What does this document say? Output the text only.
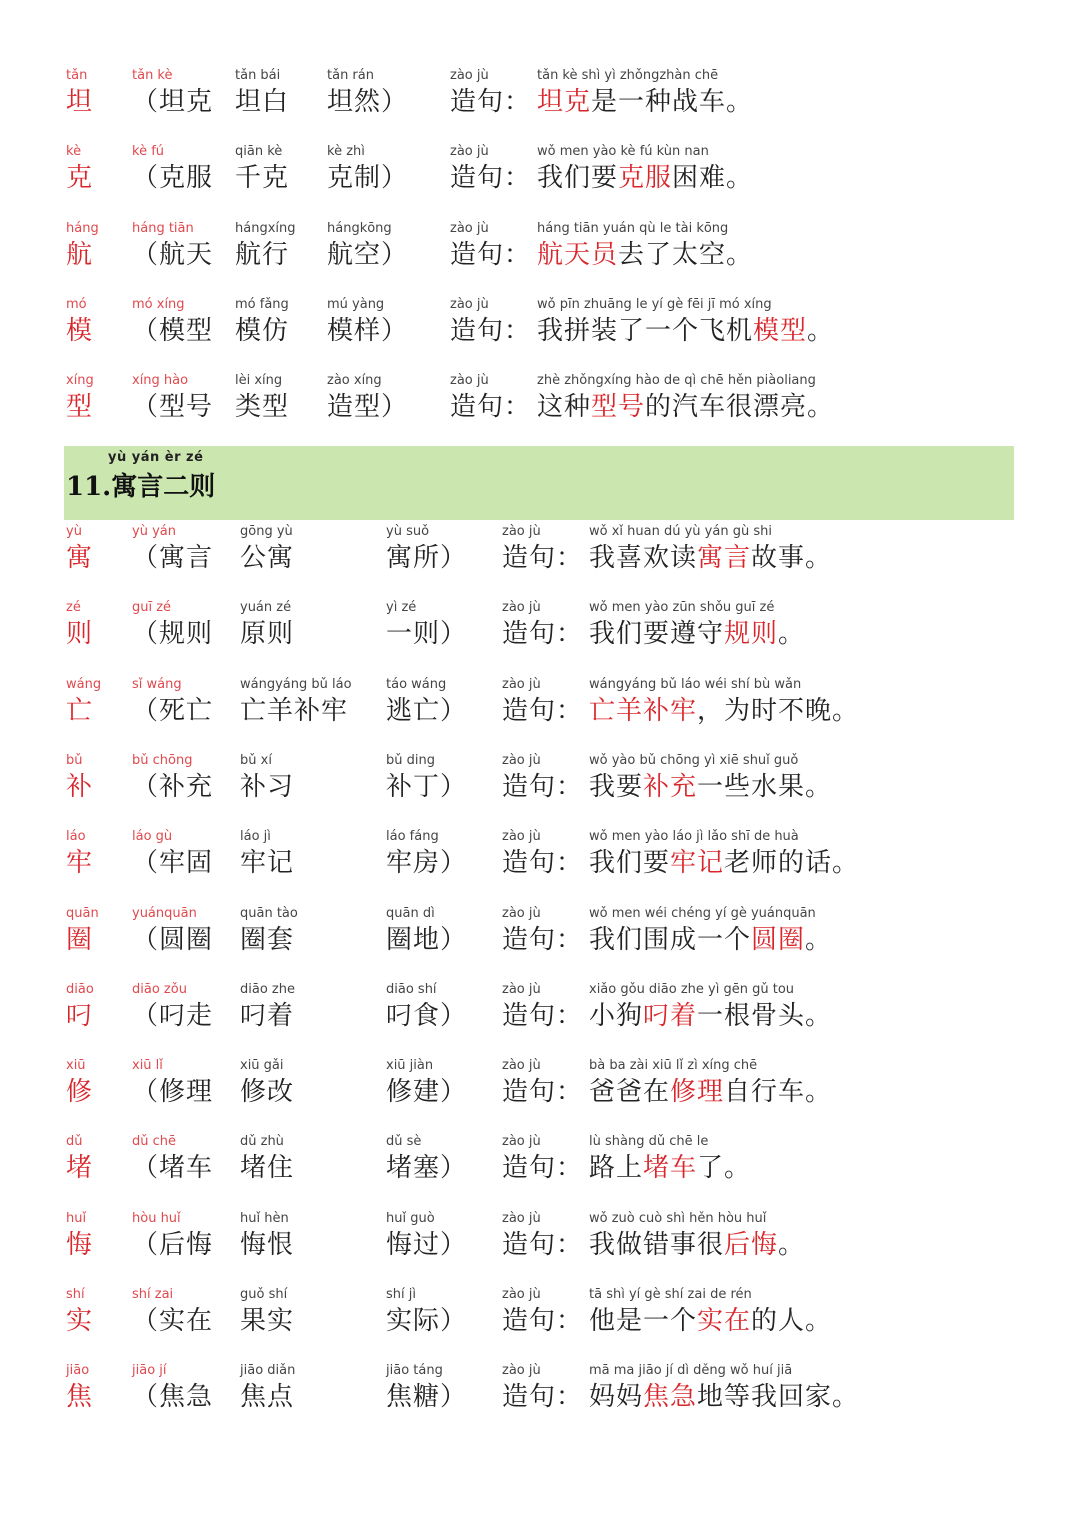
tǎn
坦
tǎn kè
（坦克
tǎn bái
坦白
tǎn rán
坦然）
zào jù
造句：
tǎn kè shì yì zhǒngzhàn chē
坦克是一种战车。
kè
克
kè fú
（克服
qiān kè
千克
kè zhì
克制）
zào jù
造句：
wǒ men yào kè fú kùn nan
我们要克服困难。
háng
航
háng tiān
（航天
hángxíng
航行
hángkōng
航空）
zào jù
造句：
háng tiān yuán qù le tài kōng
航天员去了太空。
mó
模
mó xíng
（模型
mó fǎng
模仿
mú yàng
模样）
zào jù
造句：
wǒ pīn zhuāng le yí gè fēi jī mó xíng
我拼装了一个飞机模型。
xíng
型
xíng hào
（型号
lèi xíng
类型
zào xíng
造型）
zào jù
造句：
zhè zhǒngxíng hào de qì chē hěn piàoliang
这种型号的汽车很漂亮。
yù yán èr zé
11.寓言二则
yù
寓
yù yán
（寓言
gōng yù
公寓
yù suǒ
寓所）
zào jù
造句：
wǒ xǐ huan dú yù yán gù shi
我喜欢读寓言故事。
zé
则
guī zé
（规则
yuán zé
原则
yì zé
一则）
zào jù
造句：
wǒ men yào zūn shǒu guī zé
我们要遵守规则。
wáng
亡
sǐ wáng
（死亡
wángyáng bǔ láo
亡羊补牢
táo wáng
逃亡）
zào jù
造句：
wángyáng bǔ láo wéi shí bù wǎn
亡羊补牢，为时不晚。
bǔ
补
bǔ chōng
（补充
bǔ xí
补习
bǔ ding
补丁）
zào jù
造句：
wǒ yào bǔ chōng yì xiē shuǐ guǒ
我要补充一些水果。
láo
牢
láo gù
（牢固
láo jì
牢记
láo fáng
牢房）
zào jù
造句：
wǒ men yào láo jì lǎo shī de huà
我们要牢记老师的话。
quān
圈
yuánquān
（圆圈
quān tào
圈套
quān dì
圈地）
zào jù
造句：
wǒ men wéi chéng yí gè yuánquān
我们围成一个圆圈。
diāo
叼
diāo zǒu
（叼走
diāo zhe
叼着
diāo shí
叼食）
zào jù
造句：
xiǎo gǒu diāo zhe yì gēn gǔ tou
小狗叼着一根骨头。
xiū
修
xiū lǐ
（修理
xiū gǎi
修改
xiū jiàn
修建）
zào jù
造句：
bà ba zài xiū lǐ zì xíng chē
爸爸在修理自行车。
dǔ
堵
dǔ chē
（堵车
dǔ zhù
堵住
dǔ sè
堵塞）
zào jù
造句：
lù shàng dǔ chē le
路上堵车了。
huǐ
悔
hòu huǐ
（后悔
huǐ hèn
悔恨
huǐ guò
悔过）
zào jù
造句：
wǒ zuò cuò shì hěn hòu huǐ
我做错事很后悔。
shí
实
shí zai
（实在
guǒ shí
果实
shí jì
实际）
zào jù
造句：
tā shì yí gè shí zai de rén
他是一个实在的人。
jiāo
焦
jiāo jí
（焦急
jiāo diǎn
焦点
jiāo táng
焦糖）
zào jù
造句：
mā ma jiāo jí dì děng wǒ huí jiā
妈妈焦急地等我回家。
